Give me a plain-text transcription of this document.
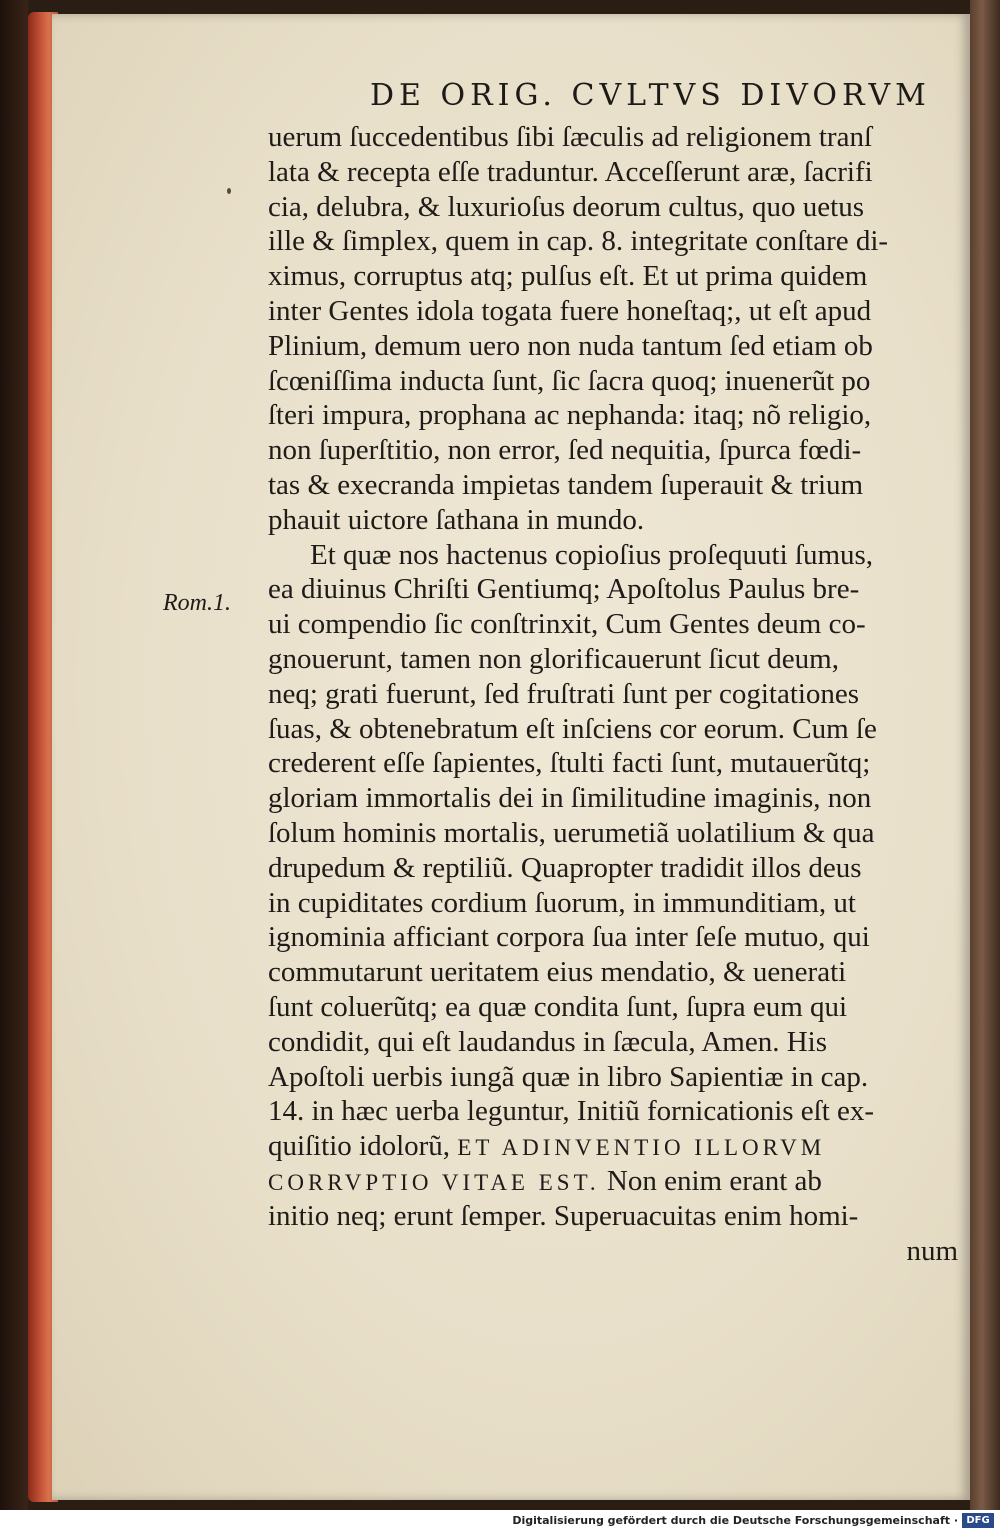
DE ORIG. CVLTVS DIVORVM
Rom.1.
uerum ſuccedentibus ſibi ſæculis ad religionem tranſ
lata & recepta eſſe traduntur. Acceſſerunt aræ, ſacrifi
cia, delubra, & luxurioſus deorum cultus, quo uetus
ille & ſimplex, quem in cap. 8. integritate conſtare di-
ximus, corruptus atq; pulſus eſt. Et ut prima quidem
inter Gentes idola togata fuere honeſtaq;, ut eſt apud
Plinium, demum uero non nuda tantum ſed etiam ob
ſcœniſſima inducta ſunt, ſic ſacra quoq; inuenerũt po
ſteri impura, prophana ac nephanda: itaq; nõ religio,
non ſuperſtitio, non error, ſed nequitia, ſpurca fœdi-
tas & execranda impietas tandem ſuperauit & trium
phauit uictore ſathana in mundo.
Et quæ nos hactenus copioſius proſequuti ſumus,
ea diuinus Chriſti Gentiumq; Apoſtolus Paulus bre-
ui compendio ſic conſtrinxit, Cum Gentes deum co-
gnouerunt, tamen non glorificauerunt ſicut deum,
neq; grati fuerunt, ſed fruſtrati ſunt per cogitationes
ſuas, & obtenebratum eſt inſciens cor eorum. Cum ſe
crederent eſſe ſapientes, ſtulti facti ſunt, mutauerũtq;
gloriam immortalis dei in ſimilitudine imaginis, non
ſolum hominis mortalis, uerumetiã uolatilium & qua
drupedum & reptiliũ. Quapropter tradidit illos deus
in cupiditates cordium ſuorum, in immunditiam, ut
ignominia afficiant corpora ſua inter ſeſe mutuo, qui
commutarunt ueritatem eius mendatio, & uenerati
ſunt coluerũtq; ea quæ condita ſunt, ſupra eum qui
condidit, qui eſt laudandus in ſæcula, Amen. His
Apoſtoli uerbis iungã quæ in libro Sapientiæ in cap.
14. in hæc uerba leguntur, Initiũ fornicationis eſt ex-
quiſitio idolorũ, ET ADINVENTIO ILLORVM
CORRVPTIO VITAE EST. Non enim erant ab
initio neq; erunt ſemper. Superuacuitas enim homi-
num
Digitalisierung gefördert durch die Deutsche Forschungsgemeinschaft · DFG
